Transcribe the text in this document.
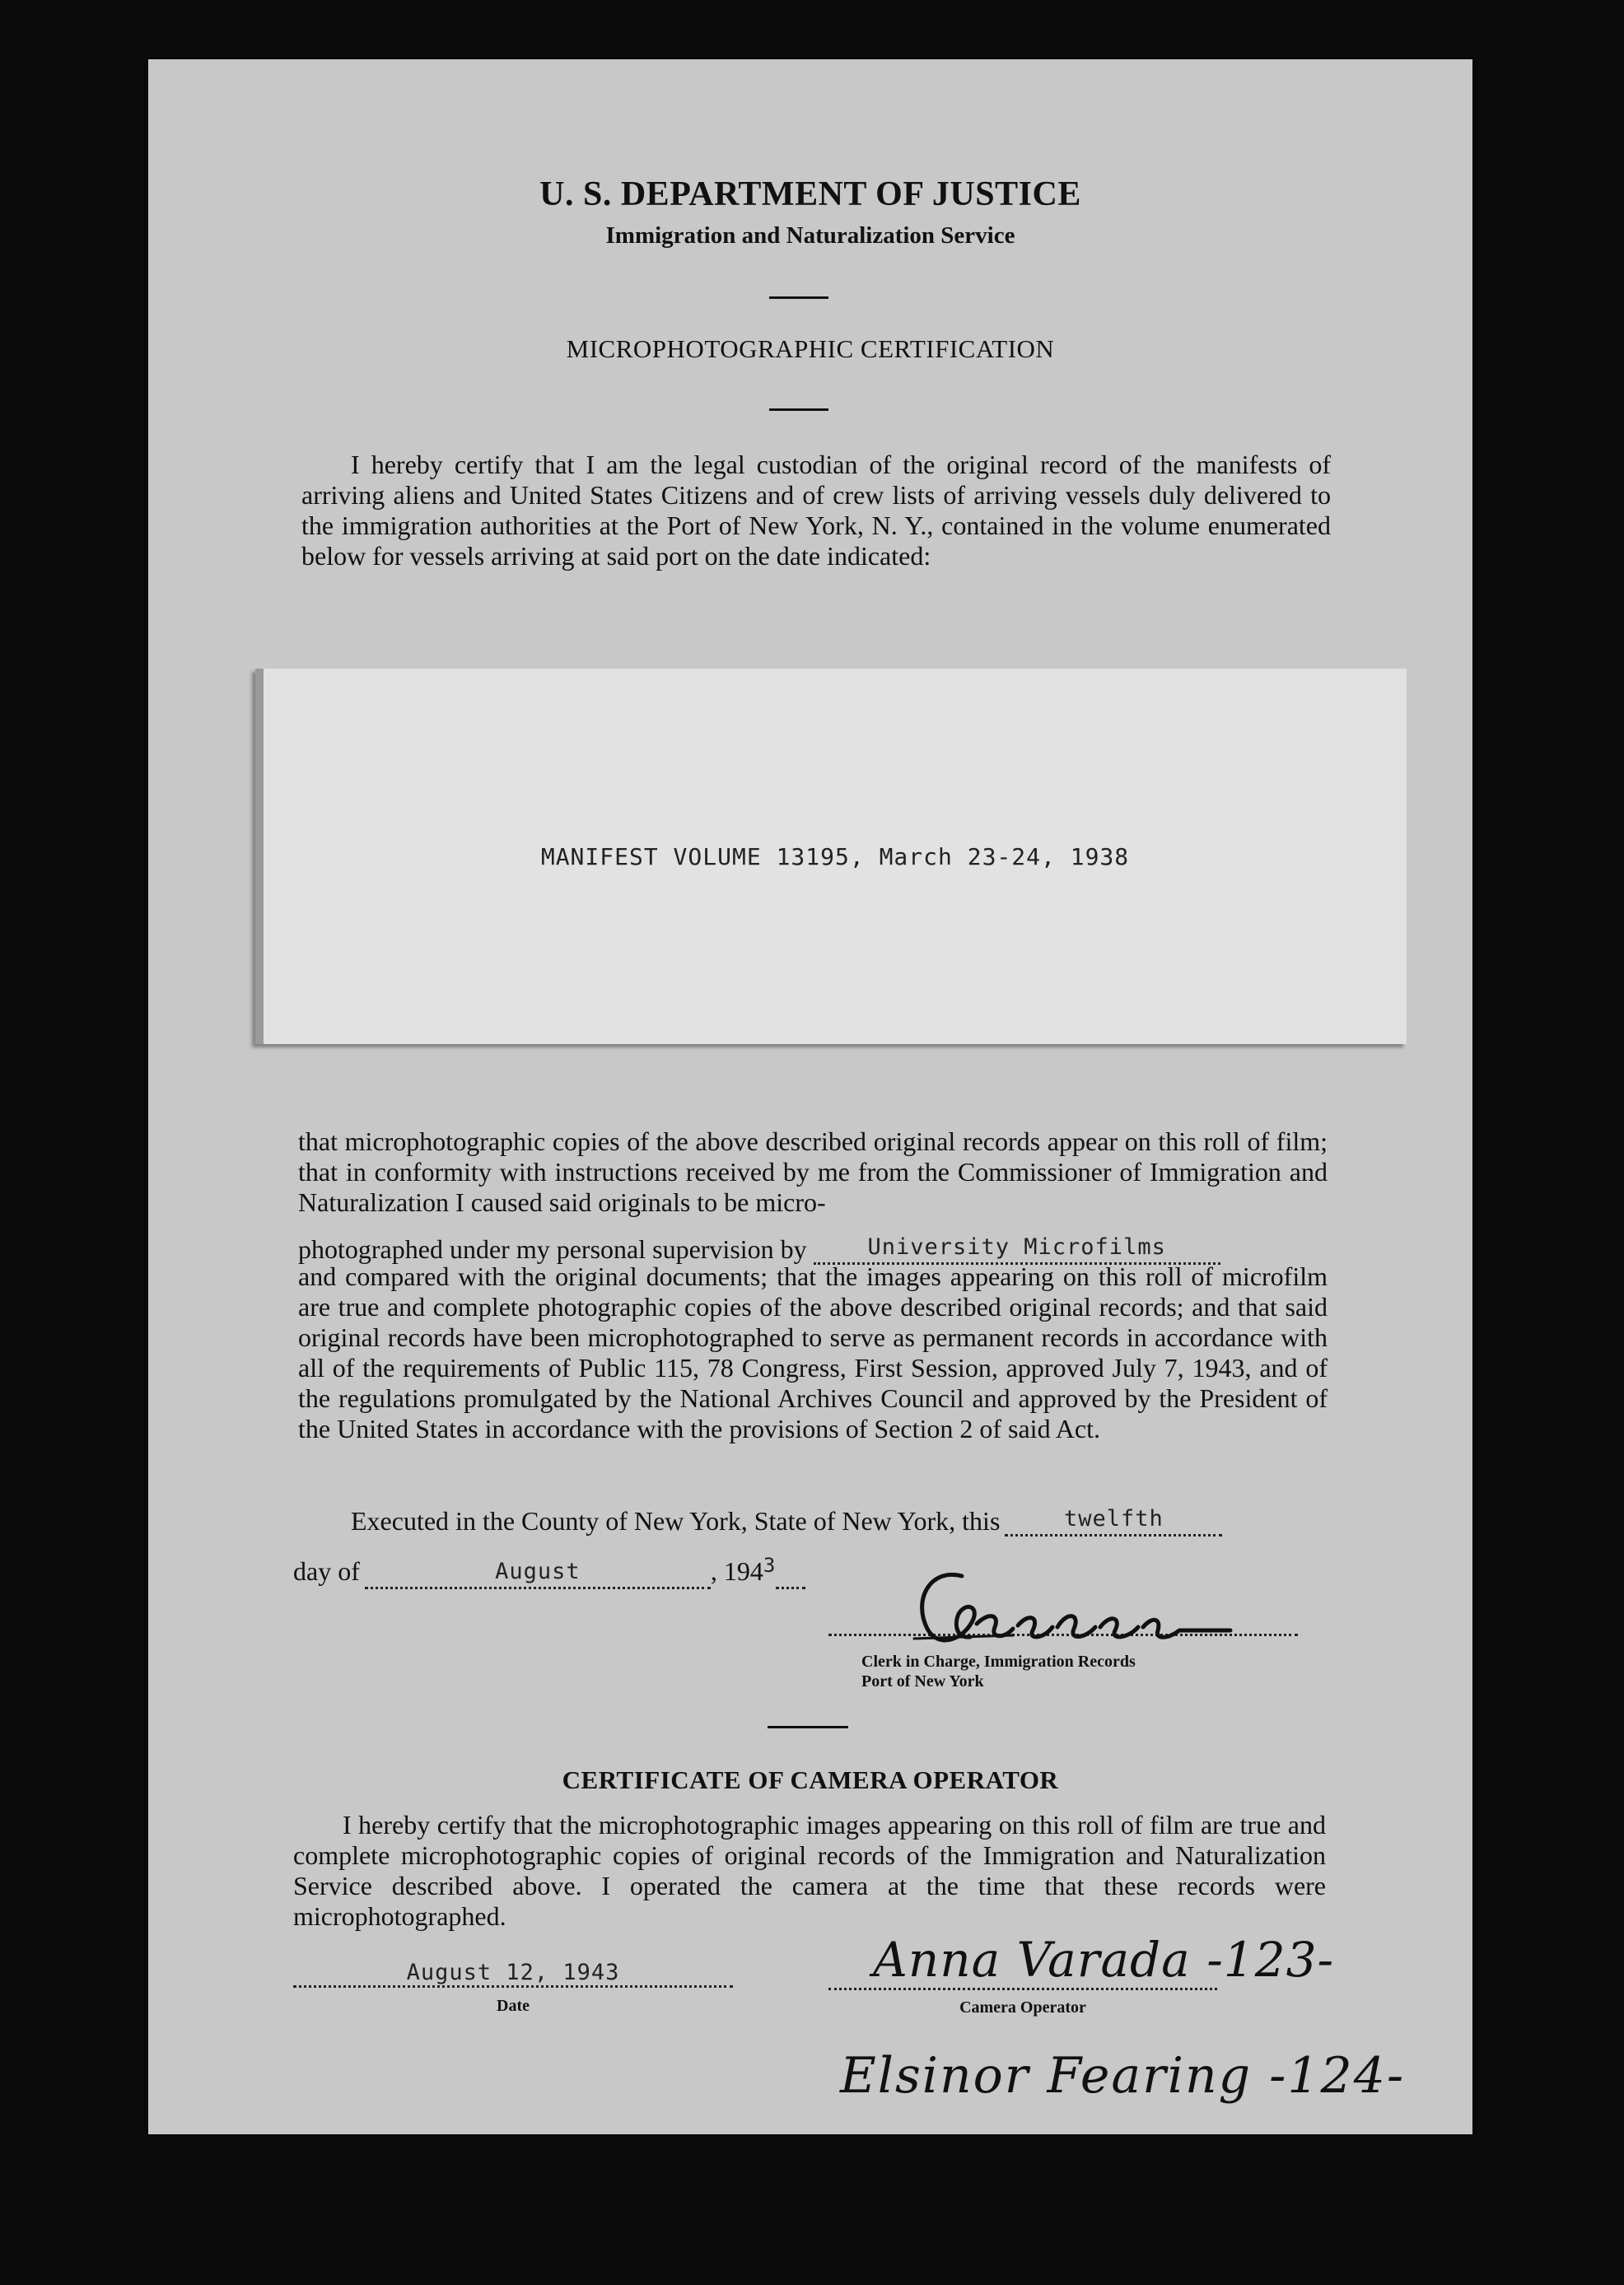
U. S. DEPARTMENT OF JUSTICE
Immigration and Naturalization Service
MICROPHOTOGRAPHIC CERTIFICATION
I hereby certify that I am the legal custodian of the original record of the manifests of arriving aliens and United States Citizens and of crew lists of arriving vessels duly delivered to the immigration authorities at the Port of New York, N. Y., contained in the volume enumerated below for vessels arriving at said port on the date indicated:
MANIFEST VOLUME 13195, March 23-24, 1938
that microphotographic copies of the above described original records appear on this roll of film; that in conformity with instructions received by me from the Commissioner of Immigration and Naturalization I caused said originals to be micro-
photographed under my personal supervision by	University Microfilms
and compared with the original documents; that the images appearing on this roll of microfilm are true and complete photographic copies of the above described original records; and that said original records have been microphotographed to serve as permanent records in accordance with all of the requirements of Public 115, 78 Congress, First Session, approved July 7, 1943, and of the regulations promulgated by the National Archives Council and approved by the President of the United States in accordance with the provisions of Section 2 of said Act.
Executed in the County of New York, State of New York, this	twelfth
day of	August	, $194^3$
Clerk in Charge, Immigration Records
Port of New York
CERTIFICATE OF CAMERA OPERATOR
I hereby certify that the microphotographic images appearing on this roll of film are true and complete microphotographic copies of original records of the Immigration and Naturalization Service described above. I operated the camera at the time that these records were microphotographed.
August 12, 1943
Date
Anna Varada -123-
Camera Operator
Elsinor Fearing -124-
